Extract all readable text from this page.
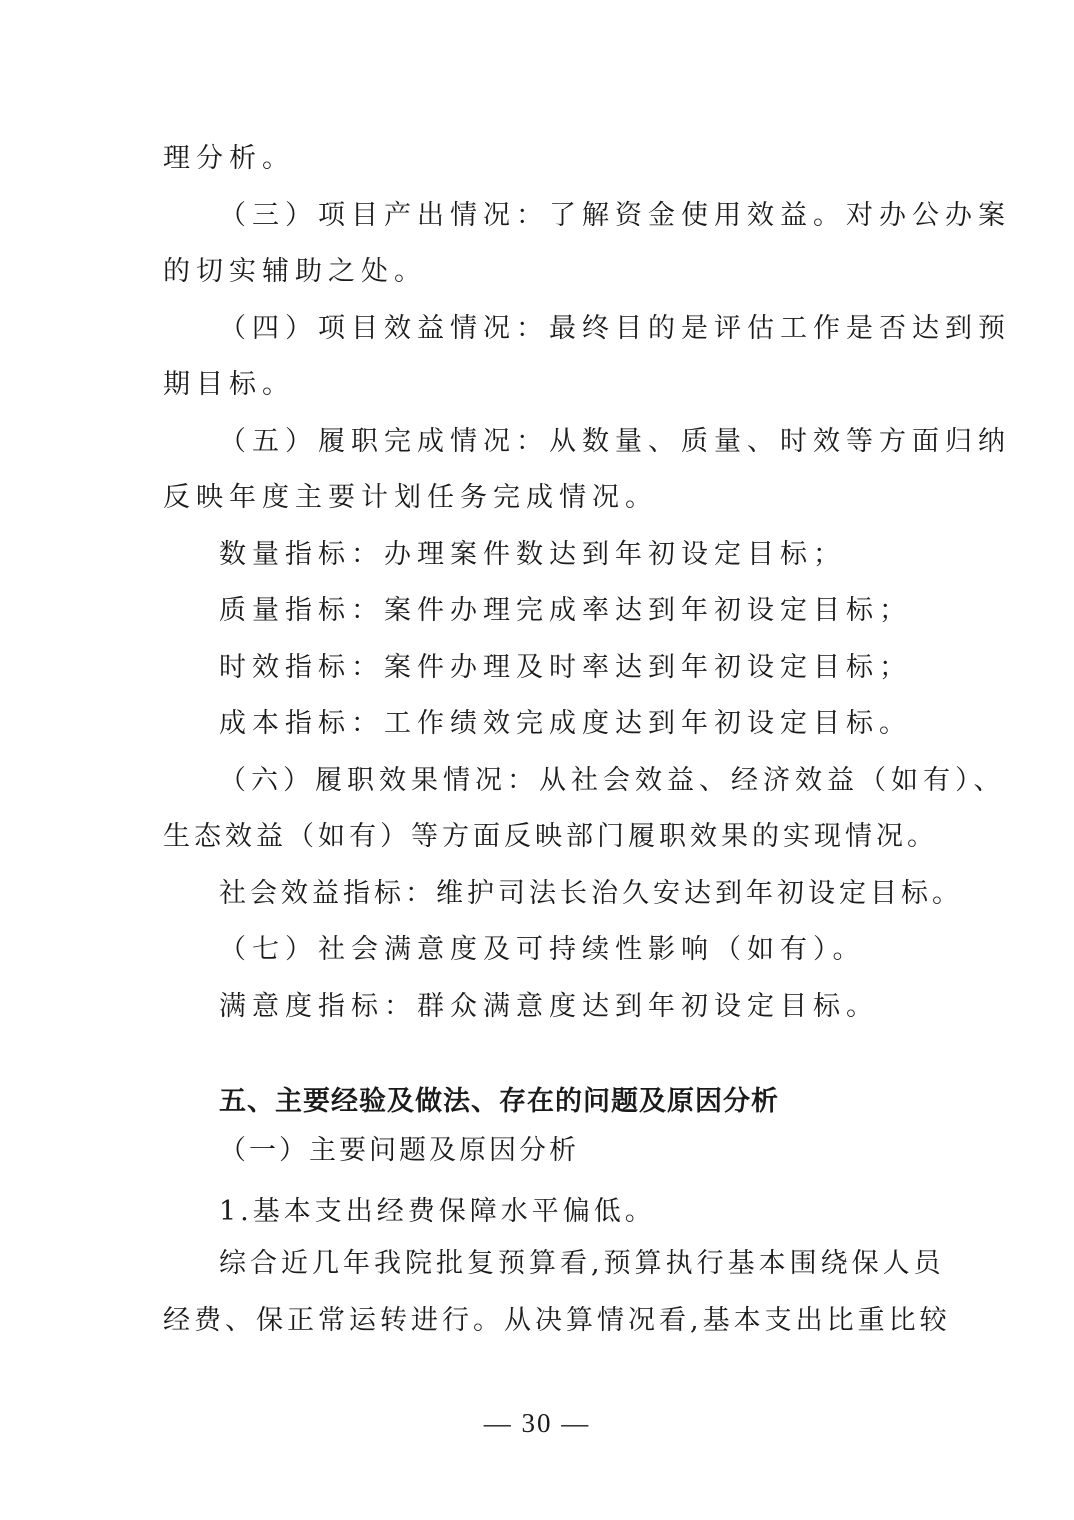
理分析。
（三）项目产出情况：了解资金使用效益。对办公办案
的切实辅助之处。
（四）项目效益情况：最终目的是评估工作是否达到预
期目标。
（五）履职完成情况：从数量、质量、时效等方面归纳
反映年度主要计划任务完成情况。
数量指标：办理案件数达到年初设定目标；
质量指标：案件办理完成率达到年初设定目标；
时效指标：案件办理及时率达到年初设定目标；
成本指标：工作绩效完成度达到年初设定目标。
（六）履职效果情况：从社会效益、经济效益（如有）、
生态效益（如有）等方面反映部门履职效果的实现情况。
社会效益指标：维护司法长治久安达到年初设定目标。
（七）社会满意度及可持续性影响（如有）。
满意度指标：群众满意度达到年初设定目标。
五、主要经验及做法、存在的问题及原因分析
（一）主要问题及原因分析
1.基本支出经费保障水平偏低。
综合近几年我院批复预算看,预算执行基本围绕保人员
经费、保正常运转进行。从决算情况看,基本支出比重比较
— 30 —
